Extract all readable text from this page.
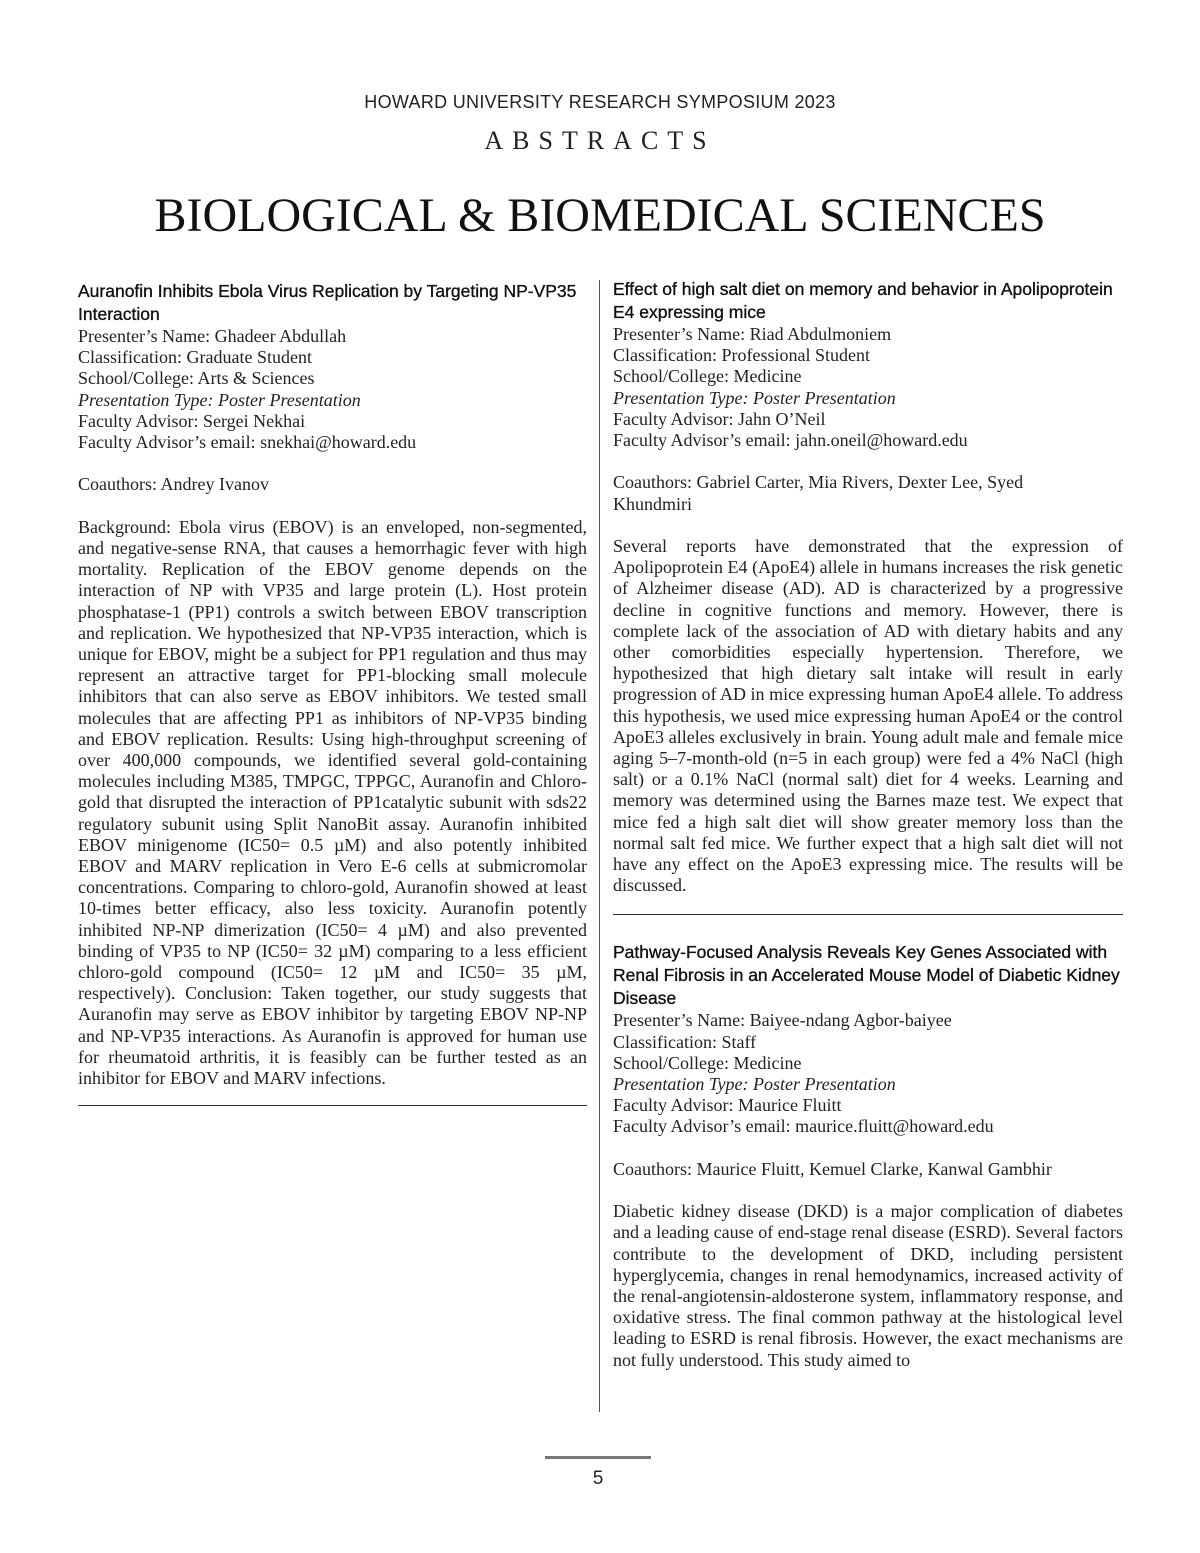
HOWARD UNIVERSITY RESEARCH SYMPOSIUM 2023
ABSTRACTS
BIOLOGICAL & BIOMEDICAL SCIENCES
Auranofin Inhibits Ebola Virus Replication by Targeting NP-VP35 Interaction
Presenter’s Name: Ghadeer Abdullah
Classification: Graduate Student
School/College: Arts & Sciences
Presentation Type: Poster Presentation
Faculty Advisor: Sergei Nekhai
Faculty Advisor’s email: snekhai@howard.edu
Coauthors: Andrey Ivanov

Background: Ebola virus (EBOV) is an enveloped, non-segmented, and negative-sense RNA, that causes a hemorrhagic fever with high mortality. Replication of the EBOV genome depends on the interaction of NP with VP35 and large protein (L). Host protein phosphatase-1 (PP1) controls a switch between EBOV transcription and replication. We hypothesized that NP-VP35 interaction, which is unique for EBOV, might be a subject for PP1 regulation and thus may represent an attractive target for PP1-blocking small molecule inhibitors that can also serve as EBOV inhibitors. We tested small molecules that are affecting PP1 as inhibitors of NP-VP35 binding and EBOV replication. Results: Using high-throughput screening of over 400,000 compounds, we identified several gold-containing molecules including M385, TMPGC, TPPGC, Auranofin and Chloro-gold that disrupted the interaction of PP1catalytic subunit with sds22 regulatory subunit using Split NanoBit assay. Auranofin inhibited EBOV minigenome (IC50= 0.5 µM) and also potently inhibited EBOV and MARV replication in Vero E-6 cells at submicromolar concentrations. Comparing to chloro-gold, Auranofin showed at least 10-times better efficacy, also less toxicity. Auranofin potently inhibited NP-NP dimerization (IC50= 4 µM) and also prevented binding of VP35 to NP (IC50= 32 µM) comparing to a less efficient chloro-gold compound (IC50= 12 µM and IC50= 35 µM, respectively). Conclusion: Taken together, our study suggests that Auranofin may serve as EBOV inhibitor by targeting EBOV NP-NP and NP-VP35 interactions. As Auranofin is approved for human use for rheumatoid arthritis, it is feasibly can be further tested as an inhibitor for EBOV and MARV infections.

Effect of high salt diet on memory and behavior in Apolipoprotein E4 expressing mice
Presenter’s Name: Riad Abdulmoniem
Classification: Professional Student
School/College: Medicine
Presentation Type: Poster Presentation
Faculty Advisor: Jahn O’Neil
Faculty Advisor’s email: jahn.oneil@howard.edu
Coauthors: Gabriel Carter, Mia Rivers, Dexter Lee, Syed Khundmiri

Several reports have demonstrated that the expression of Apolipoprotein E4 (ApoE4) allele in humans increases the risk genetic of Alzheimer disease (AD). AD is characterized by a progressive decline in cognitive functions and memory. However, there is complete lack of the association of AD with dietary habits and any other comorbidities especially hypertension. Therefore, we hypothesized that high dietary salt intake will result in early progression of AD in mice expressing human ApoE4 allele. To address this hypothesis, we used mice expressing human ApoE4 or the control ApoE3 alleles exclusively in brain. Young adult male and female mice aging 5–7-month-old (n=5 in each group) were fed a 4% NaCl (high salt) or a 0.1% NaCl (normal salt) diet for 4 weeks. Learning and memory was determined using the Barnes maze test. We expect that mice fed a high salt diet will show greater memory loss than the normal salt fed mice. We further expect that a high salt diet will not have any effect on the ApoE3 expressing mice. The results will be discussed.

Pathway-Focused Analysis Reveals Key Genes Associated with Renal Fibrosis in an Accelerated Mouse Model of Diabetic Kidney Disease
Presenter’s Name: Baiyee-ndang Agbor-baiyee
Classification: Staff
School/College: Medicine
Presentation Type: Poster Presentation
Faculty Advisor: Maurice Fluitt
Faculty Advisor’s email: maurice.fluitt@howard.edu
Coauthors: Maurice Fluitt, Kemuel Clarke, Kanwal Gambhir

Diabetic kidney disease (DKD) is a major complication of diabetes and a leading cause of end-stage renal disease (ESRD). Several factors contribute to the development of DKD, including persistent hyperglycemia, changes in renal hemodynamics, increased activity of the renal-angiotensin-aldosterone system, inflammatory response, and oxidative stress. The final common pathway at the histological level leading to ESRD is renal fibrosis. However, the exact mechanisms are not fully understood. This study aimed to

5
